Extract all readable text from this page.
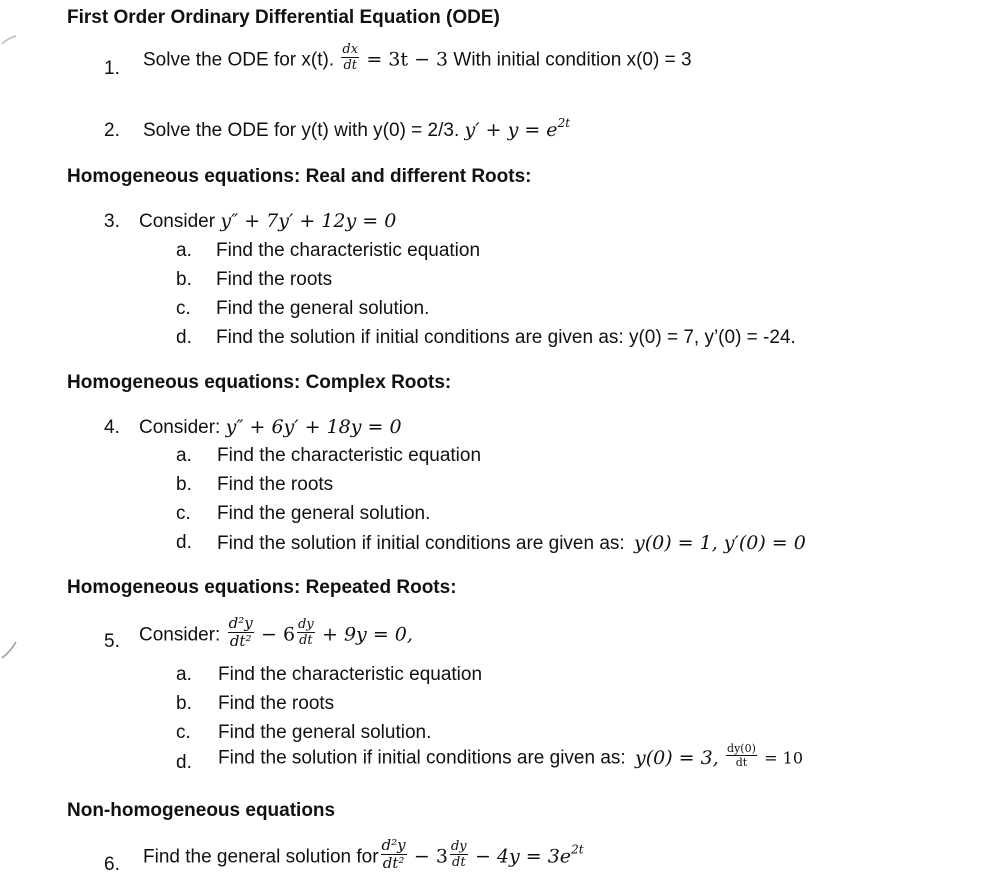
First Order Ordinary Differential Equation (ODE)
1. Solve the ODE for x(t). $\frac{dx}{dt} = 3t - 3$ With initial condition x(0) = 3
2. Solve the ODE for y(t) with y(0) = 2/3. $y' + y = e^{2t}$
Homogeneous equations: Real and different Roots:
3. Consider y″ + 7y′ + 12y = 0
a. Find the characteristic equation
b. Find the roots
c. Find the general solution.
d. Find the solution if initial conditions are given as: y(0) = 7, y’(0) = -24.
Homogeneous equations: Complex Roots:
4. Consider: y″ + 6y′ + 18y = 0
a. Find the characteristic equation
b. Find the roots
c. Find the general solution.
d. Find the solution if initial conditions are given as: y(0) = 1, y′(0) = 0
Homogeneous equations: Repeated Roots:
5. Consider: $\frac{\text{d²y}}{\text{dt²}} - 6 \frac{dy}{dt} + 9y = 0$,
a. Find the characteristic equation
b. Find the roots
c. Find the general solution.
d. Find the solution if initial conditions are given as: y(0) = 3, $\frac{dy(0)}{dt} = 10$
Non-homogeneous equations
6. Find the general solution for $\frac{\text{d²y}}{\text{dt²}} - 3 \frac{dy}{dt} - 4y = 3e^{2t}$
